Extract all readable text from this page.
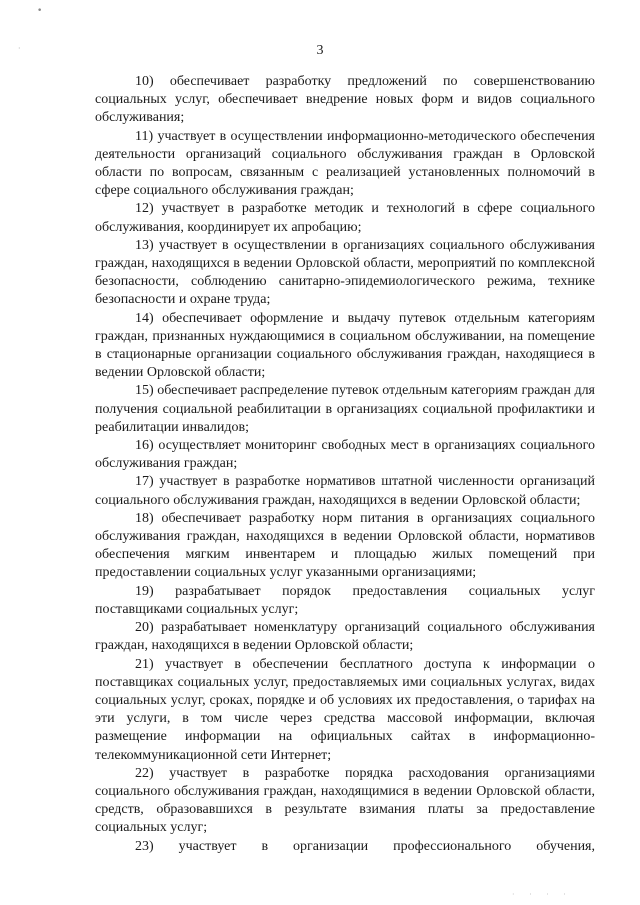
•
·	3

10) обеспечивает разработку предложений по совершенствованию социальных услуг, обеспечивает внедрение новых форм и видов социального обслуживания;

11) участвует в осуществлении информационно-методического обеспечения деятельности организаций социального обслуживания граждан в Орловской области по вопросам, связанным с реализацией установленных полномочий в сфере социального обслуживания граждан;

12) участвует в разработке методик и технологий в сфере социального обслуживания, координирует их апробацию;

13) участвует в осуществлении в организациях социального обслуживания граждан, находящихся в ведении Орловской области, мероприятий по комплексной безопасности, соблюдению санитарно-эпидемиологического режима, технике безопасности и охране труда;

14) обеспечивает оформление и выдачу путевок отдельным категориям граждан, признанных нуждающимися в социальном обслуживании, на помещение в стационарные организации социального обслуживания граждан, находящиеся в ведении Орловской области;

15) обеспечивает распределение путевок отдельным категориям граждан для получения социальной реабилитации в организациях социальной профилактики и реабилитации инвалидов;

16) осуществляет мониторинг свободных мест в организациях социального обслуживания граждан;

17) участвует в разработке нормативов штатной численности организаций социального обслуживания граждан, находящихся в ведении Орловской области;

18) обеспечивает разработку норм питания в организациях социального обслуживания граждан, находящихся в ведении Орловской области, нормативов обеспечения мягким инвентарем и площадью жилых помещений при предоставлении социальных услуг указанными организациями;

19) разрабатывает порядок предоставления социальных услуг поставщиками социальных услуг;

20) разрабатывает номенклатуру организаций социального обслуживания граждан, находящихся в ведении Орловской области;

21) участвует в обеспечении бесплатного доступа к информации о поставщиках социальных услуг, предоставляемых ими социальных услугах, видах социальных услуг, сроках, порядке и об условиях их предоставления, о тарифах на эти услуги, в том числе через средства массовой информации, включая размещение информации на официальных сайтах в информационно-телекоммуникационной сети Интернет;

22) участвует в разработке порядка расходования организациями социального обслуживания граждан, находящимися в ведении Орловской области, средств, образовавшихся в результате взимания платы за предоставление социальных услуг;

23) участвует в организации профессионального обучения,

· · · ·
